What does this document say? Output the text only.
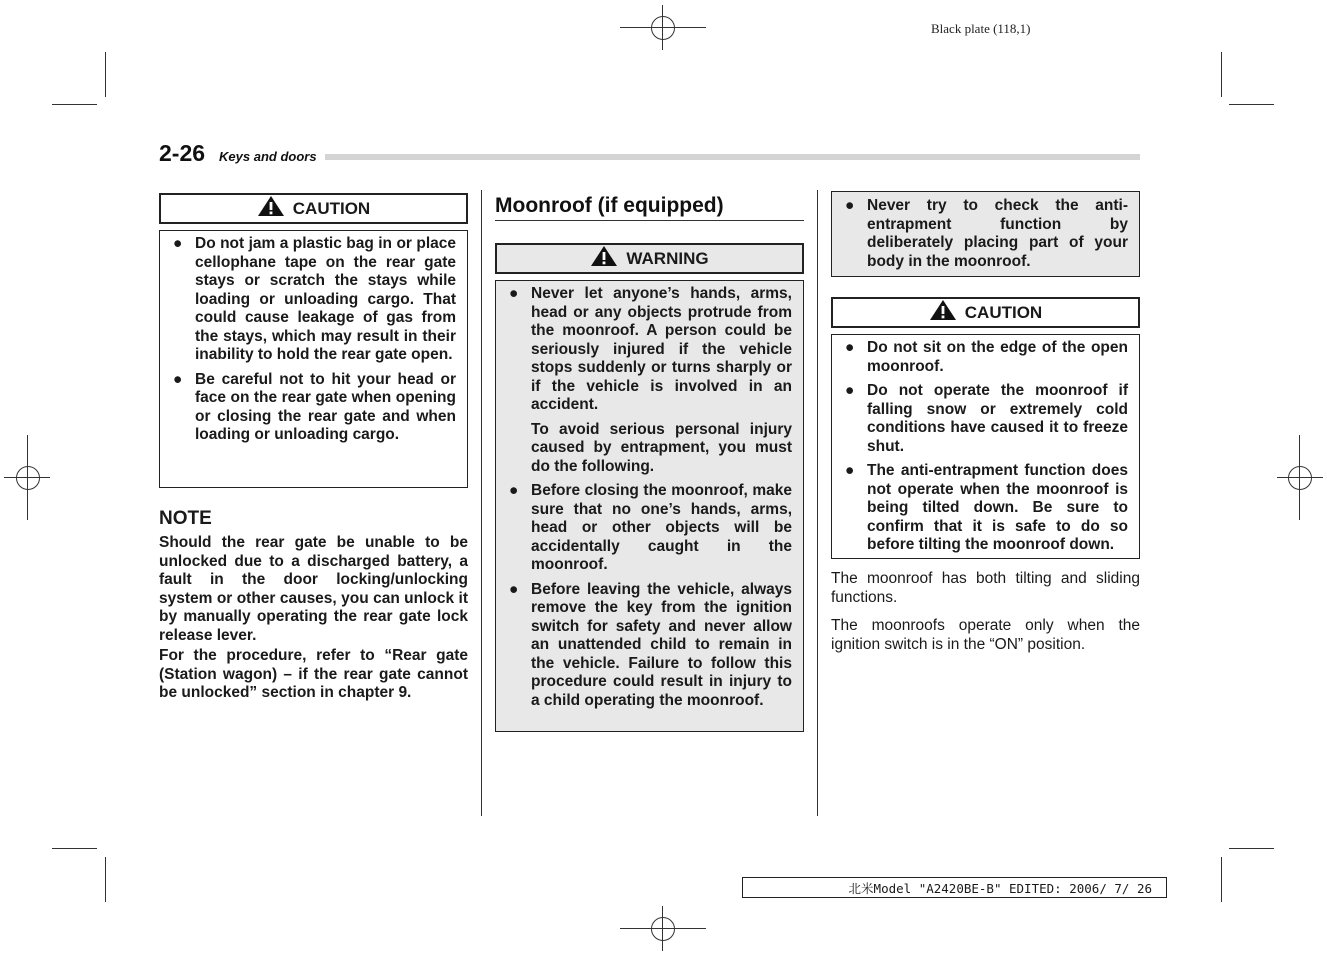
Black plate (118,1)
2-26 Keys and doors
CAUTION
● Do not jam a plastic bag in or place cellophane tape on the rear gate stays or scratch the stays while loading or unloading cargo. That could cause leakage of gas from the stays, which may result in their inability to hold the rear gate open.
● Be careful not to hit your head or face on the rear gate when opening or closing the rear gate and when loading or unloading cargo.
NOTE
Should the rear gate be unable to be unlocked due to a discharged battery, a fault in the door locking/unlocking system or other causes, you can unlock it by manually operating the rear gate lock release lever.
For the procedure, refer to “Rear gate (Station wagon) – if the rear gate cannot be unlocked” section in chapter 9.
Moonroof (if equipped)
WARNING
● Never let anyone’s hands, arms, head or any objects protrude from the moonroof. A person could be seriously injured if the vehicle stops suddenly or turns sharply or if the vehicle is involved in an accident.
To avoid serious personal injury caused by entrapment, you must do the following.
● Before closing the moonroof, make sure that no one’s hands, arms, head or other objects will be accidentally caught in the moonroof.
● Before leaving the vehicle, always remove the key from the ignition switch for safety and never allow an unattended child to remain in the vehicle. Failure to follow this procedure could result in injury to a child operating the moonroof.
● Never try to check the anti-entrapment function by deliberately placing part of your body in the moonroof.
CAUTION
● Do not sit on the edge of the open moonroof.
● Do not operate the moonroof if falling snow or extremely cold conditions have caused it to freeze shut.
● The anti-entrapment function does not operate when the moonroof is being tilted down. Be sure to confirm that it is safe to do so before tilting the moonroof down.
The moonroof has both tilting and sliding functions.
The moonroofs operate only when the ignition switch is in the “ON” position.
北米Model "A2420BE-B" EDITED: 2006/ 7/ 26
